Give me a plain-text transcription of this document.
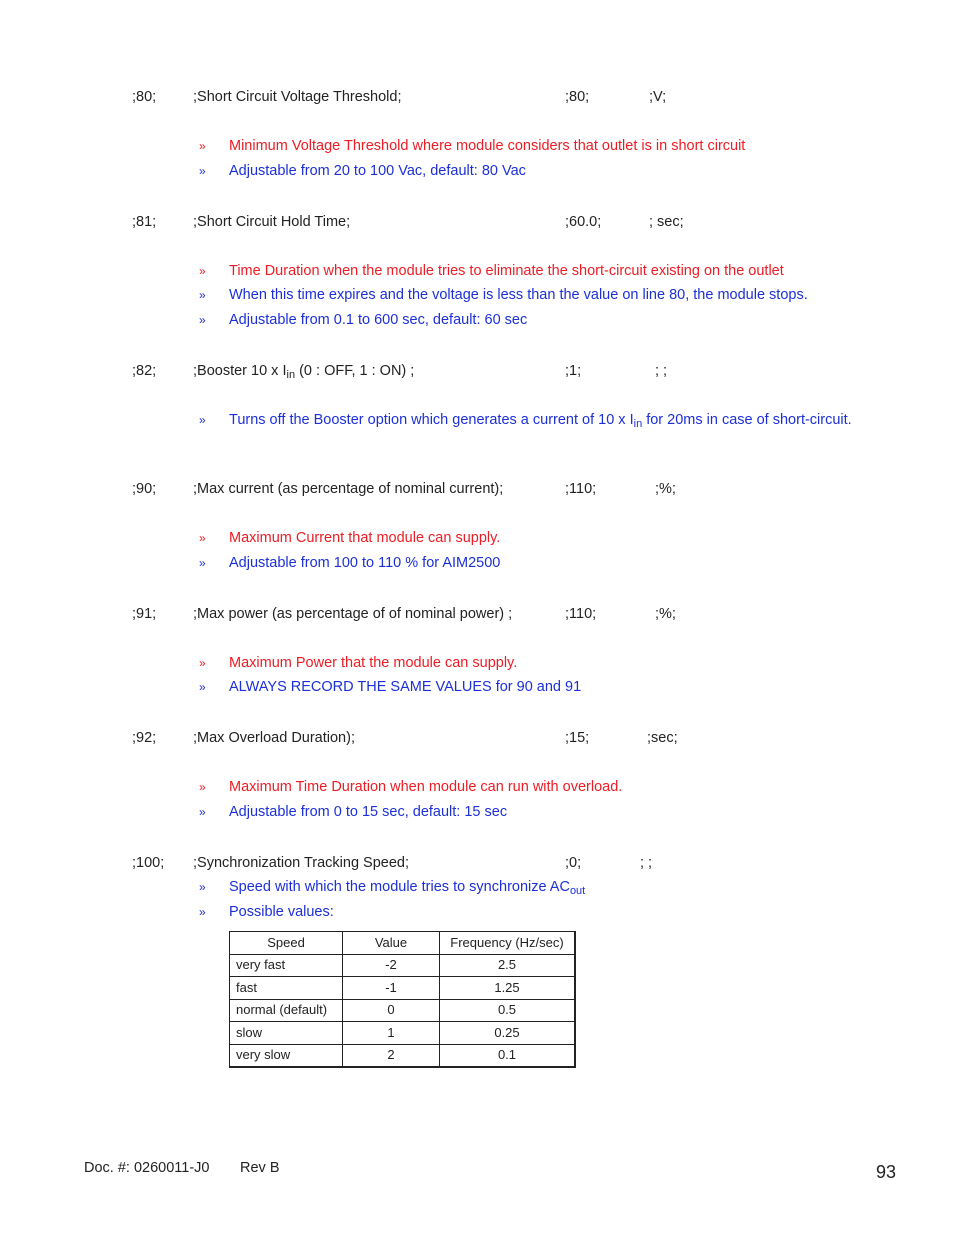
;80;	;Short Circuit Voltage Threshold;	;80;	;V;
» Minimum Voltage Threshold where module considers that outlet is in short circuit
» Adjustable from 20 to 100 Vac, default: 80 Vac
;81;	;Short Circuit Hold Time;	;60.0;	; sec;
» Time Duration when the module tries to eliminate the short-circuit existing on the outlet
» When this time expires and the voltage is less than the value on line 80, the module stops.
» Adjustable from 0.1 to 600 sec, default: 60 sec
;82;	;Booster 10 x $I_{in}$ (0 : OFF, 1 : ON) ;	;1;	; ;
» Turns off the Booster option which generates a current of 10 x $I_{in}$ for 20ms in case of short-circuit.
;90;	;Max current (as percentage of nominal current);	;110;	;%;
» Maximum Current that module can supply.
» Adjustable from 100 to 110 % for AIM2500
;91;	;Max power (as percentage of of nominal power) ;	;110;	;%;
» Maximum Power that the module can supply.
» ALWAYS RECORD THE SAME VALUES for 90 and 91
;92;	;Max Overload Duration);	;15;	;sec;
» Maximum Time Duration when module can run with overload.
» Adjustable from 0 to 15 sec, default: 15 sec
;100; ;Synchronization Tracking Speed;	;0;	; ;
» Speed with which the module tries to synchronize $AC_{out}$
» Possible values:
Speed	Value	Frequency (Hz/sec)
very fast	-2	2.5
fast	-1	1.25
normal (default)	0	0.5
slow	1	0.25
very slow	2	0.1
Doc. #: 0260011-J0 Rev B	93
